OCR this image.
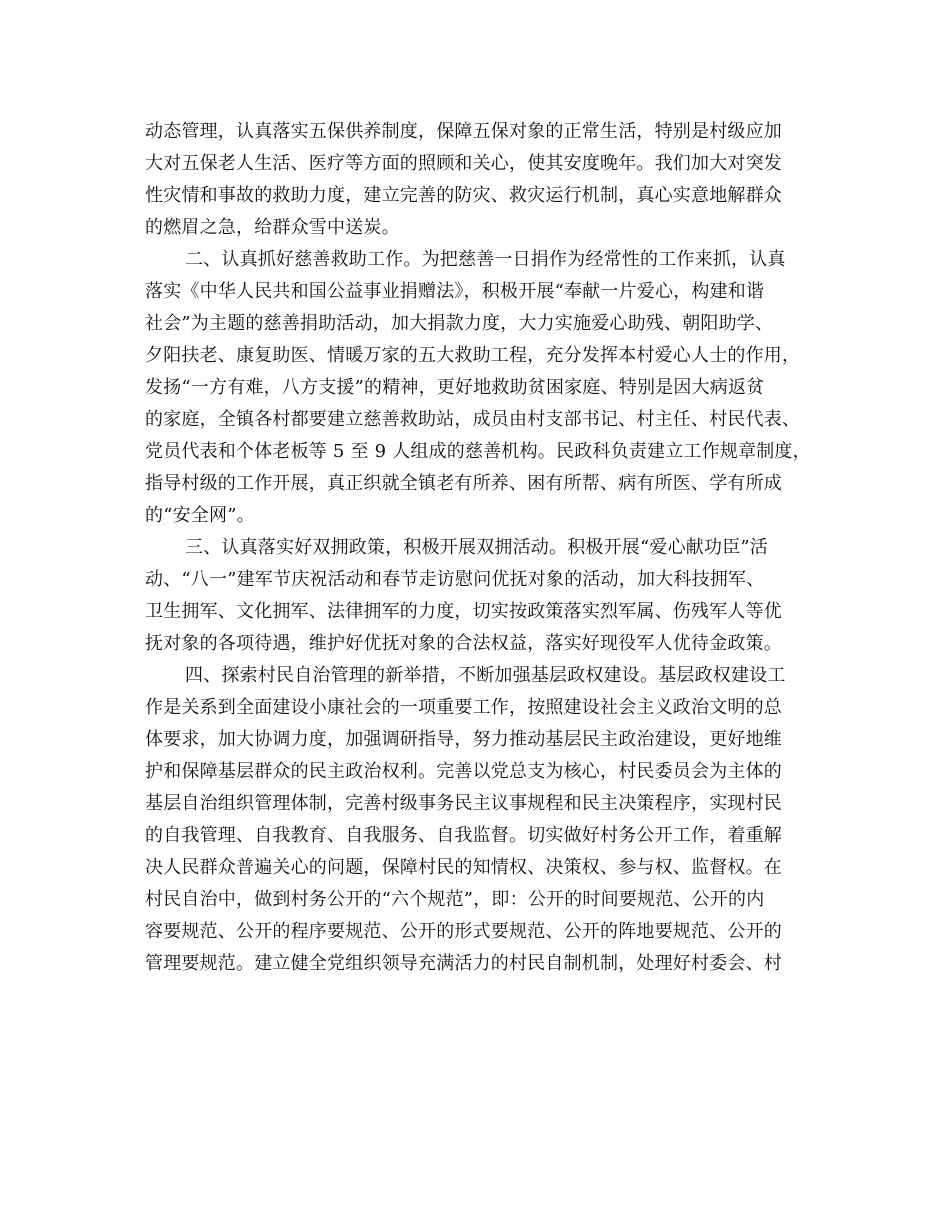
动态管理，认真落实五保供养制度，保障五保对象的正常生活，特别是村级应加
大对五保老人生活、医疗等方面的照顾和关心，使其安度晚年。我们加大对突发
性灾情和事故的救助力度，建立完善的防灾、救灾运行机制，真心实意地解群众
的燃眉之急，给群众雪中送炭。
二、认真抓好慈善救助工作。为把慈善一日捐作为经常性的工作来抓，认真
落实《中华人民共和国公益事业捐赠法》，积极开展“奉献一片爱心，构建和谐
社会”为主题的慈善捐助活动，加大捐款力度，大力实施爱心助残、朝阳助学、
夕阳扶老、康复助医、情暖万家的五大救助工程，充分发挥本村爱心人士的作用，
发扬“一方有难，八方支援”的精神，更好地救助贫困家庭、特别是因大病返贫
的家庭，全镇各村都要建立慈善救助站，成员由村支部书记、村主任、村民代表、
党员代表和个体老板等 5 至 9 人组成的慈善机构。民政科负责建立工作规章制度，
指导村级的工作开展，真正织就全镇老有所养、困有所帮、病有所医、学有所成
的“安全网”。
三、认真落实好双拥政策，积极开展双拥活动。积极开展“爱心献功臣”活
动、“八一”建军节庆祝活动和春节走访慰问优抚对象的活动，加大科技拥军、
卫生拥军、文化拥军、法律拥军的力度，切实按政策落实烈军属、伤残军人等优
抚对象的各项待遇，维护好优抚对象的合法权益，落实好现役军人优待金政策。
四、探索村民自治管理的新举措，不断加强基层政权建设。基层政权建设工
作是关系到全面建设小康社会的一项重要工作，按照建设社会主义政治文明的总
体要求，加大协调力度，加强调研指导，努力推动基层民主政治建设，更好地维
护和保障基层群众的民主政治权利。完善以党总支为核心，村民委员会为主体的
基层自治组织管理体制，完善村级事务民主议事规程和民主决策程序，实现村民
的自我管理、自我教育、自我服务、自我监督。切实做好村务公开工作，着重解
决人民群众普遍关心的问题，保障村民的知情权、决策权、参与权、监督权。在
村民自治中，做到村务公开的“六个规范”，即：公开的时间要规范、公开的内
容要规范、公开的程序要规范、公开的形式要规范、公开的阵地要规范、公开的
管理要规范。建立健全党组织领导充满活力的村民自制机制，处理好村委会、村
